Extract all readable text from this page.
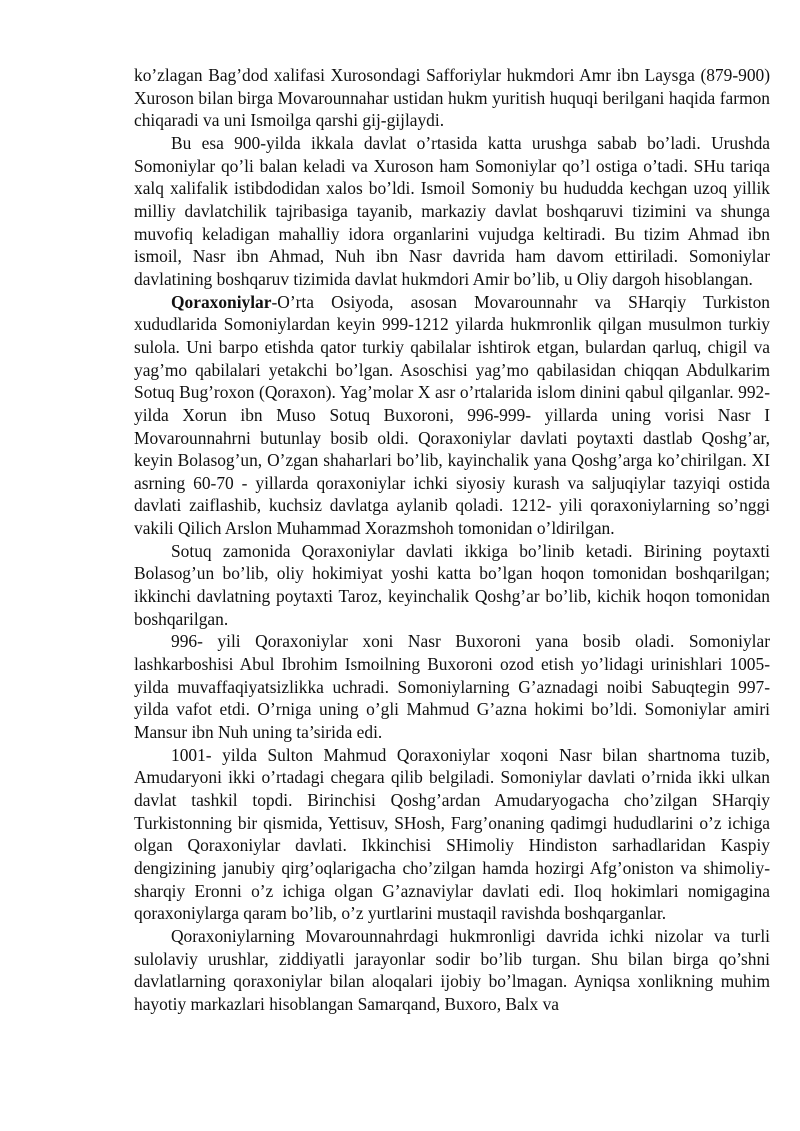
ko’zlagan Bag’dod xalifasi Xurosondagi Safforiylar hukmdori Amr ibn Laysga (879-900) Xuroson bilan birga Movarounnahar ustidan hukm yuritish huquqi berilgani haqida farmon chiqaradi va uni Ismoilga qarshi gij-gijlaydi.

Bu esa 900-yilda ikkala davlat o’rtasida katta urushga sabab bo’ladi. Urushda Somoniylar qo’li balan keladi va Xuroson ham Somoniylar qo’l ostiga o’tadi. SHu tariqa xalq xalifalik istibdodidan xalos bo’ldi. Ismoil Somoniy bu hududda kechgan uzoq yillik milliy davlatchilik tajribasiga tayanib, markaziy davlat boshqaruvi tizimini va shunga muvofiq keladigan mahalliy idora organlarini vujudga keltiradi. Bu tizim Ahmad ibn ismoil, Nasr ibn Ahmad, Nuh ibn Nasr davrida ham davom ettiriladi. Somoniylar davlatining boshqaruv tizimida davlat hukmdori Amir bo’lib, u Oliy dargoh hisoblangan.

Qoraxoniylar-O’rta Osiyoda, asosan Movarounnahr va SHarqiy Turkiston xududlarida Somoniylardan keyin 999-1212 yilarda hukmronlik qilgan musulmon turkiy sulola. Uni barpo etishda qator turkiy qabilalar ishtirok etgan, bulardan qarluq, chigil va yag’mo qabilalari yetakchi bo’lgan. Asoschisi yag’mo qabilasidan chiqqan Abdulkarim Sotuq Bug’roxon (Qoraxon). Yag’molar X asr o’rtalarida islom dinini qabul qilganlar. 992- yilda Xorun ibn Muso Sotuq Buxoroni, 996-999- yillarda uning vorisi Nasr I Movarounnahrni butunlay bosib oldi. Qoraxoniylar davlati poytaxti dastlab Qoshg’ar, keyin Bolasog’un, O’zgan shaharlari bo’lib, kayinchalik yana Qoshg’arga ko’chirilgan. XI asrning 60-70 - yillarda qoraxoniylar ichki siyosiy kurash va saljuqiylar tazyiqi ostida davlati zaiflashib, kuchsiz davlatga aylanib qoladi. 1212- yili qoraxoniylarning so’nggi vakili Qilich Arslon Muhammad Xorazmshoh tomonidan o’ldirilgan.

Sotuq zamonida Qoraxoniylar davlati ikkiga bo’linib ketadi. Birining poytaxti Bolasog’un bo’lib, oliy hokimiyat yoshi katta bo’lgan hoqon tomonidan boshqarilgan; ikkinchi davlatning poytaxti Taroz, keyinchalik Qoshg’ar bo’lib, kichik hoqon tomonidan boshqarilgan.

996- yili Qoraxoniylar xoni Nasr Buxoroni yana bosib oladi. Somoniylar lashkarboshisi Abul Ibrohim Ismoilning Buxoroni ozod etish yo’lidagi urinishlari 1005-yilda muvaffaqiyatsizlikka uchradi. Somoniylarning G’aznadagi noibi Sabuqtegin 997-yilda vafot etdi. O’rniga uning o’gli Mahmud G’azna hokimi bo’ldi. Somoniylar amiri Mansur ibn Nuh uning ta’sirida edi.

1001- yilda Sulton Mahmud Qoraxoniylar xoqoni Nasr bilan shartnoma tuzib, Amudaryoni ikki o’rtadagi chegara qilib belgiladi. Somoniylar davlati o’rnida ikki ulkan davlat tashkil topdi. Birinchisi Qoshg’ardan Amudaryogacha cho’zilgan SHarqiy Turkistonning bir qismida, Yettisuv, SHosh, Farg’onaning qadimgi hududlarini o’z ichiga olgan Qoraxoniylar davlati. Ikkinchisi SHimoliy Hindiston sarhadlaridan Kaspiy dengizining janubiy qirg’oqlarigacha cho’zilgan hamda hozirgi Afg’oniston va shimoliy- sharqiy Eronni o’z ichiga olgan G’aznaviylar davlati edi. Iloq hokimlari nomigagina qoraxoniylarga qaram bo’lib, o’z yurtlarini mustaqil ravishda boshqarganlar.

Qoraxoniylarning Movarounnahrdagi hukmronligi davrida ichki nizolar va turli sulolaviy urushlar, ziddiyatli jarayonlar sodir bo’lib turgan. Shu bilan birga qo’shni davlatlarning qoraxoniylar bilan aloqalari ijobiy bo’lmagan. Ayniqsa xonlikning muhim hayotiy markazlari hisoblangan Samarqand, Buxoro, Balx va
